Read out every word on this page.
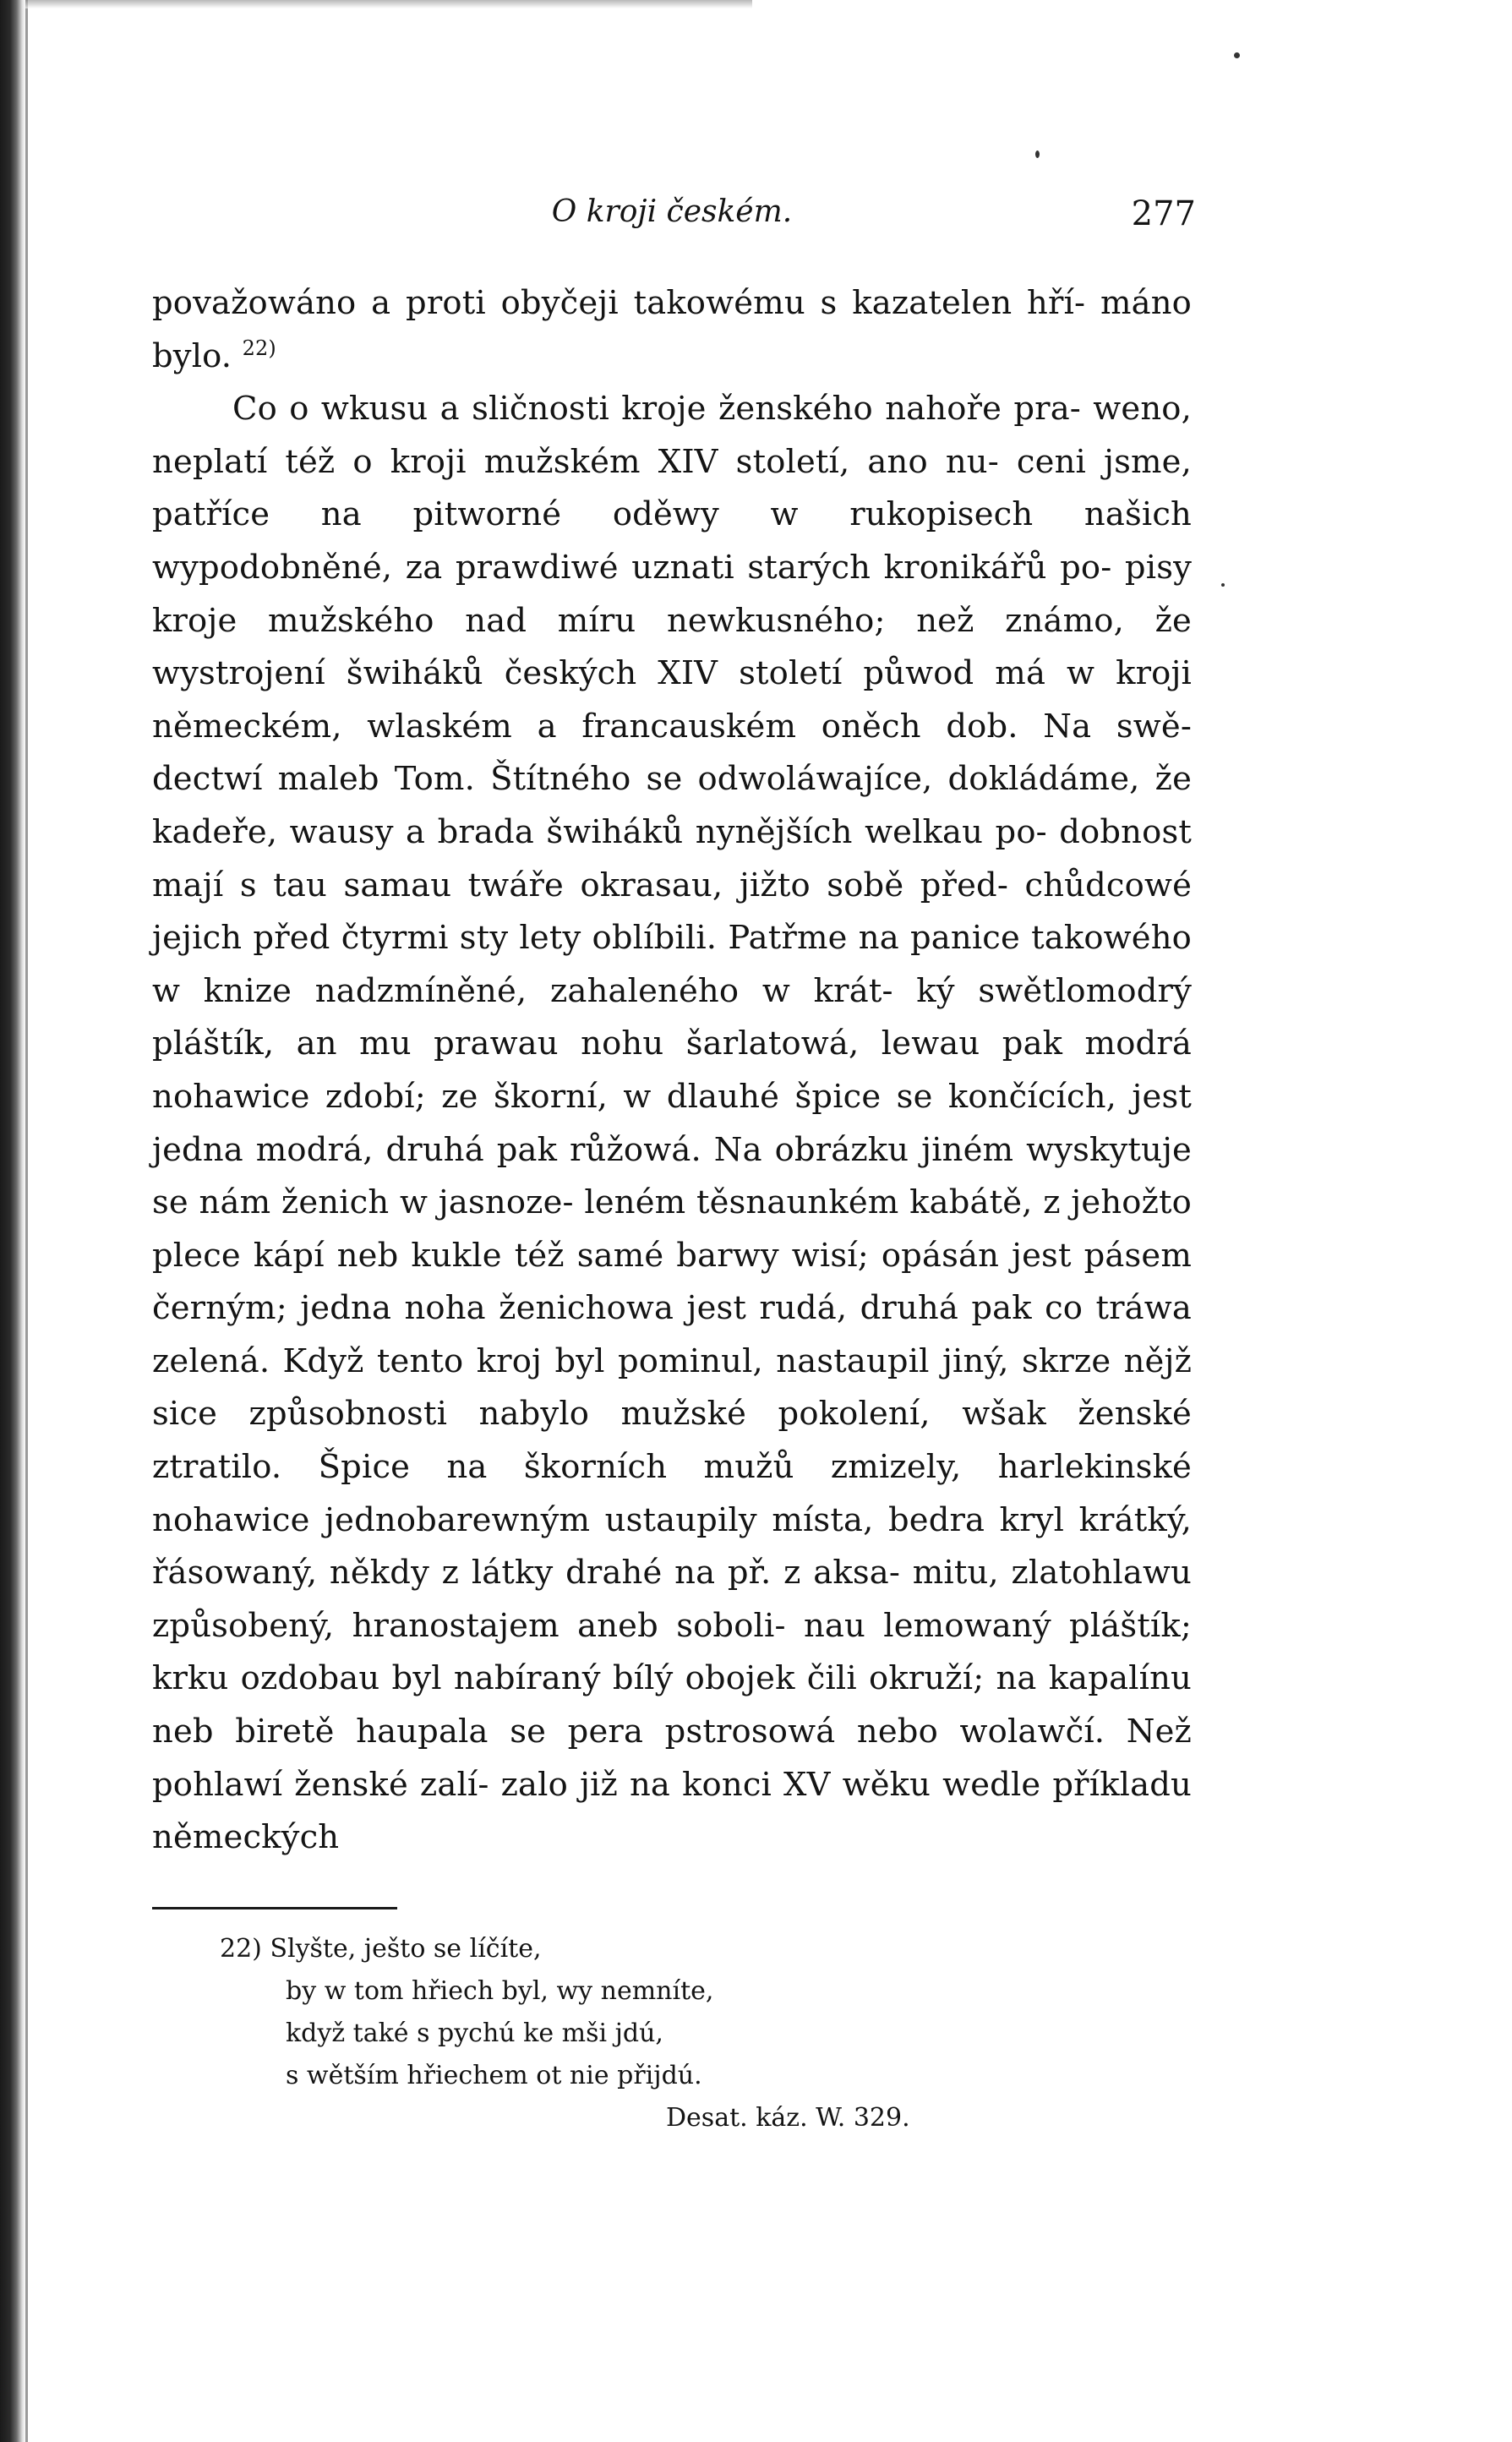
O kroji českém.	277

považowáno a proti obyčeji takowému s kazatelen hří- máno bylo. $^{22)}$

Co o wkusu a sličnosti kroje ženského nahoře pra- weno, neplatí též o kroji mužském XIV století, ano nu- ceni jsme, patříce na pitworné oděwy w rukopisech našich wypodobněné, za prawdiwé uznati starých kronikářů po- pisy kroje mužského nad míru newkusného; než známo, že wystrojení šwiháků českých XIV století půwod má w kroji německém, wlaském a francauském oněch dob. Na swě- dectwí maleb Tom. Štítného se odwoláwajíce, dokládáme, že kadeře, wausy a brada šwiháků nynějších welkau po- dobnost mají s tau samau twáře okrasau, jižto sobě před- chůdcowé jejich před čtyrmi sty lety oblíbili. Patřme na panice takowého w knize nadzmíněné, zahaleného w krát- ký swětlomodrý pláštík, an mu prawau nohu šarlatowá, lewau pak modrá nohawice zdobí; ze škorní, w dlauhé špice se končících, jest jedna modrá, druhá pak růžowá. Na obrázku jiném wyskytuje se nám ženich w jasnoze- leném těsnaunkém kabátě, z jehožto plece kápí neb kukle též samé barwy wisí; opásán jest pásem černým; jedna noha ženichowa jest rudá, druhá pak co tráwa zelená. Když tento kroj byl pominul, nastaupil jiný, skrze nějž sice způsobnosti nabylo mužské pokolení, wšak ženské ztratilo. Špice na škorních mužů zmizely, harlekinské nohawice jednobarewným ustaupily místa, bedra kryl krátký, řásowaný, někdy z látky drahé na př. z aksa- mitu, zlatohlawu způsobený, hranostajem aneb soboli- nau lemowaný pláštík; krku ozdobau byl nabíraný bílý obojek čili okruží; na kapalínu neb biretě haupala se pera pstrosowá nebo wolawčí. Než pohlawí ženské zalí- zalo již na konci XV wěku wedle příkladu německých

22) Slyšte, ješto se líčíte,
by w tom hřiech byl, wy nemníte,
když také s pychú ke mši jdú,
s wětším hřiechem ot nie přijdú.
Desat. káz. W. 329.
